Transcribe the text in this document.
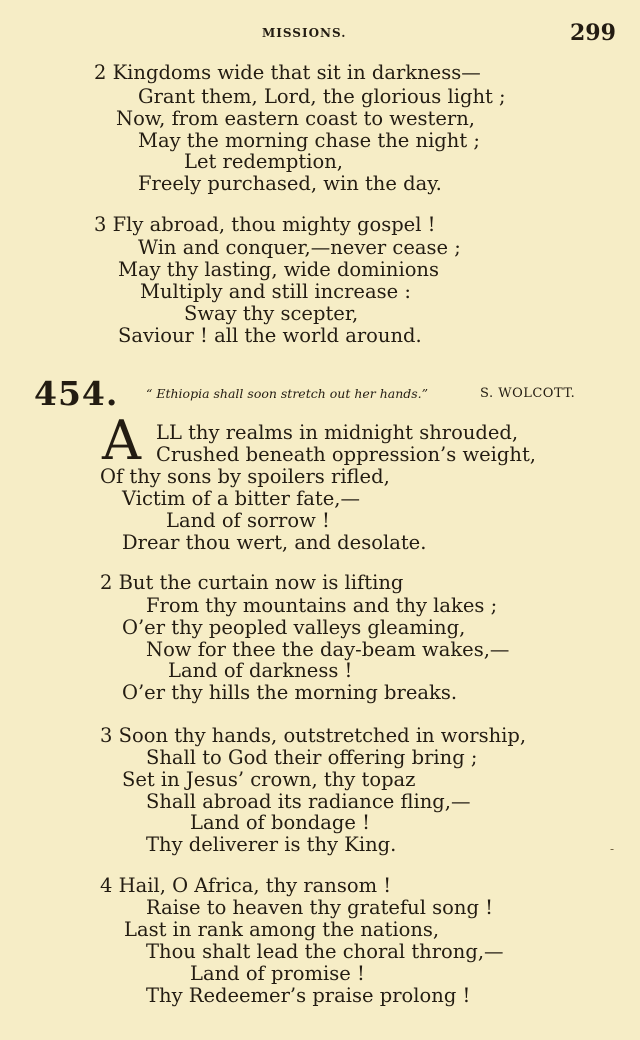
MISSIONS.	299
2 Kingdoms wide that sit in darkness—
Grant them, Lord, the glorious light ;
Now, from eastern coast to western,
May the morning chase the night ;
Let redemption,
Freely purchased, win the day.
3 Fly abroad, thou mighty gospel !
Win and conquer,—never cease ;
May thy lasting, wide dominions
Multiply and still increase :
Sway thy scepter,
Saviour ! all the world around.
454. “ Ethiopia shall soon stretch out her hands.”	S. WOLCOTT.
A LL thy realms in midnight shrouded,
Crushed beneath oppression’s weight,
Of thy sons by spoilers rifled,
Victim of a bitter fate,—
Land of sorrow !
Drear thou wert, and desolate.
2 But the curtain now is lifting
From thy mountains and thy lakes ;
O’er thy peopled valleys gleaming,
Now for thee the day-beam wakes,—
Land of darkness !
O’er thy hills the morning breaks.
3 Soon thy hands, outstretched in worship,
Shall to God their offering bring ;
Set in Jesus’ crown, thy topaz
Shall abroad its radiance fling,—
Land of bondage !
Thy deliverer is thy King.
4 Hail, O Africa, thy ransom !
Raise to heaven thy grateful song !
Last in rank among the nations,
Thou shalt lead the choral throng,—
Land of promise !
Thy Redeemer’s praise prolong !
‐
